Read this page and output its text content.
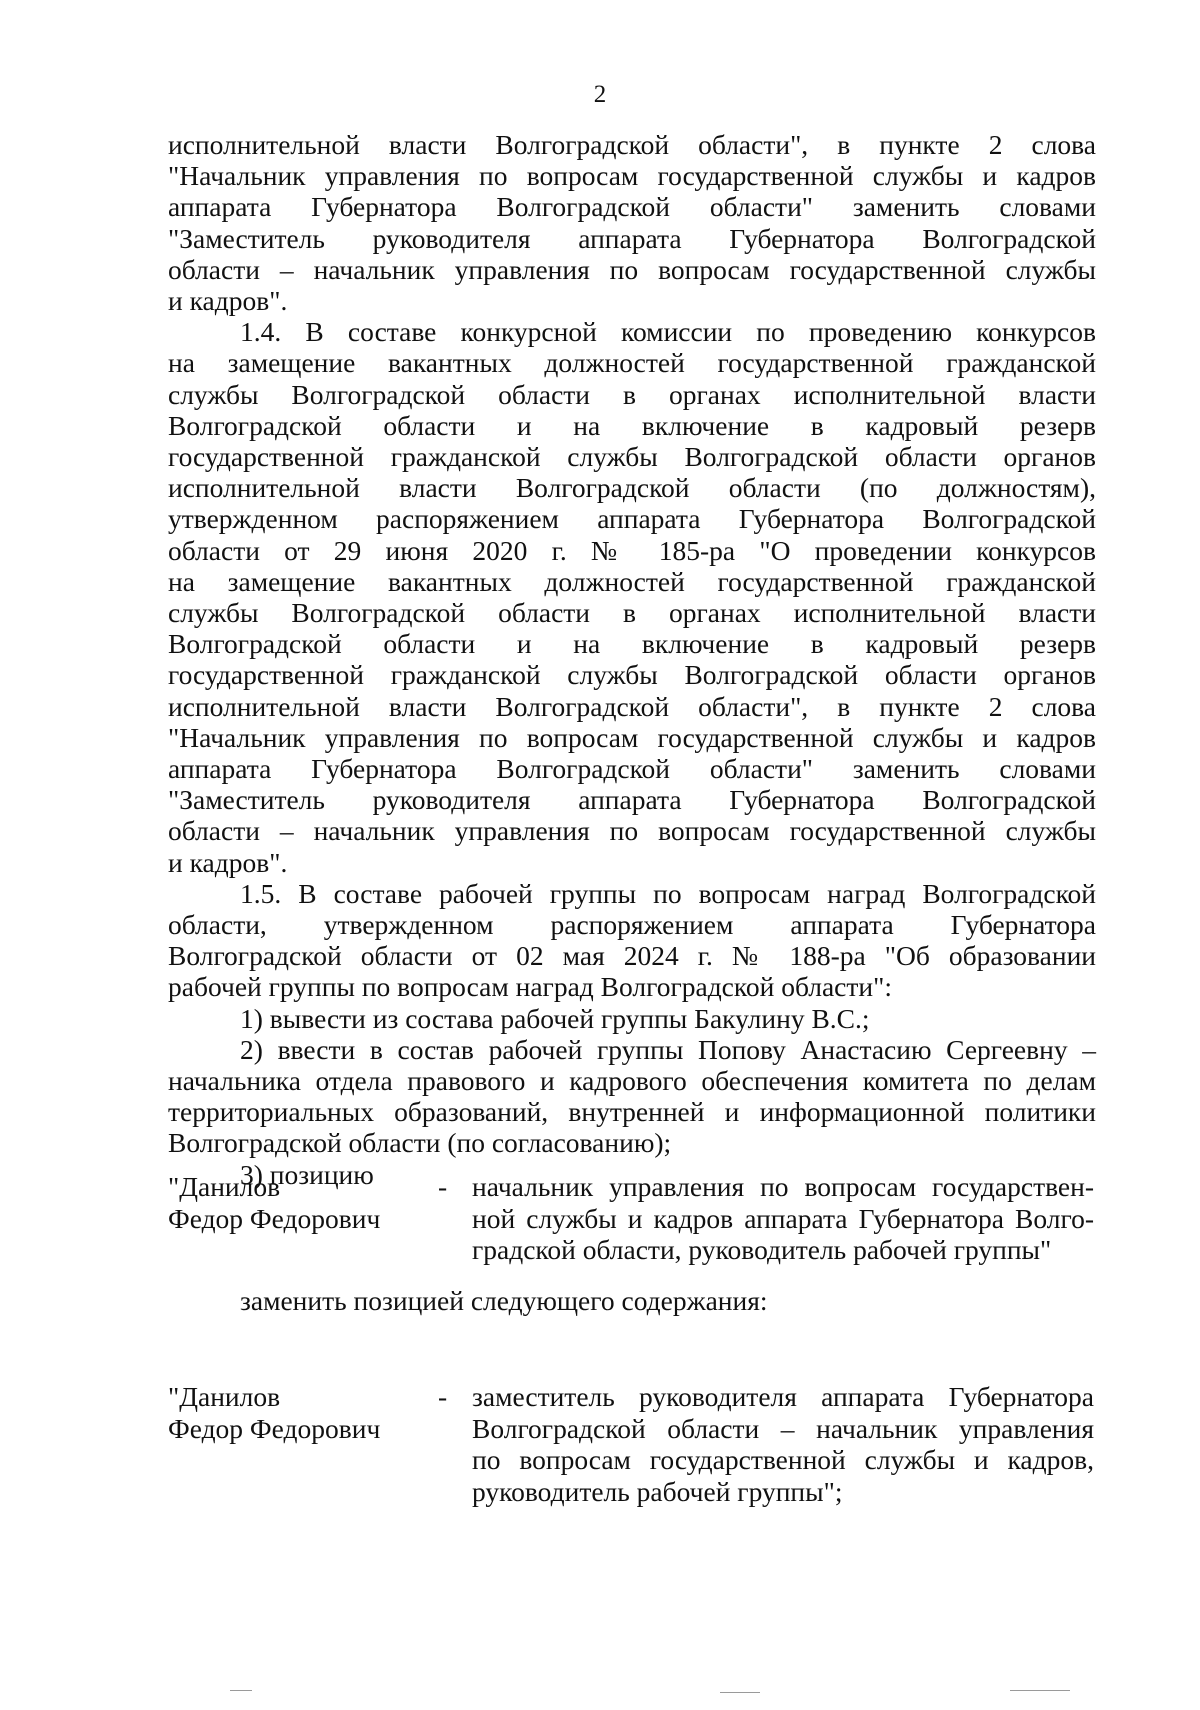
2
исполнительной власти Волгоградской области", в пункте 2 слова
"Начальник управления по вопросам государственной службы и кадров
аппарата Губернатора Волгоградской области" заменить словами
"Заместитель руководителя аппарата Губернатора Волгоградской
области – начальник управления по вопросам государственной службы
и кадров".
1.4. В составе конкурсной комиссии по проведению конкурсов
на замещение вакантных должностей государственной гражданской
службы Волгоградской области в органах исполнительной власти
Волгоградской области и на включение в кадровый резерв
государственной гражданской службы Волгоградской области органов
исполнительной власти Волгоградской области (по должностям),
утвержденном распоряжением аппарата Губернатора Волгоградской
области от 29 июня 2020 г. № 185-ра "О проведении конкурсов
на замещение вакантных должностей государственной гражданской
службы Волгоградской области в органах исполнительной власти
Волгоградской области и на включение в кадровый резерв
государственной гражданской службы Волгоградской области органов
исполнительной власти Волгоградской области", в пункте 2 слова
"Начальник управления по вопросам государственной службы и кадров
аппарата Губернатора Волгоградской области" заменить словами
"Заместитель руководителя аппарата Губернатора Волгоградской
области – начальник управления по вопросам государственной службы
и кадров".
1.5. В составе рабочей группы по вопросам наград Волгоградской
области, утвержденном распоряжением аппарата Губернатора
Волгоградской области от 02 мая 2024 г. № 188-ра "Об образовании
рабочей группы по вопросам наград Волгоградской области":
1) вывести из состава рабочей группы Бакулину В.С.;
2) ввести в состав рабочей группы Попову Анастасию Сергеевну –
начальника отдела правового и кадрового обеспечения комитета по делам
территориальных образований, внутренней и информационной политики
Волгоградской области (по согласованию);
3) позицию
"Данилов
Федор Федорович
- начальник управления по вопросам государствен-
ной службы и кадров аппарата Губернатора Волго-
градской области, руководитель рабочей группы"
заменить позицией следующего содержания:
"Данилов
Федор Федорович
- заместитель руководителя аппарата Губернатора
Волгоградской области – начальник управления
по вопросам государственной службы и кадров,
руководитель рабочей группы";
